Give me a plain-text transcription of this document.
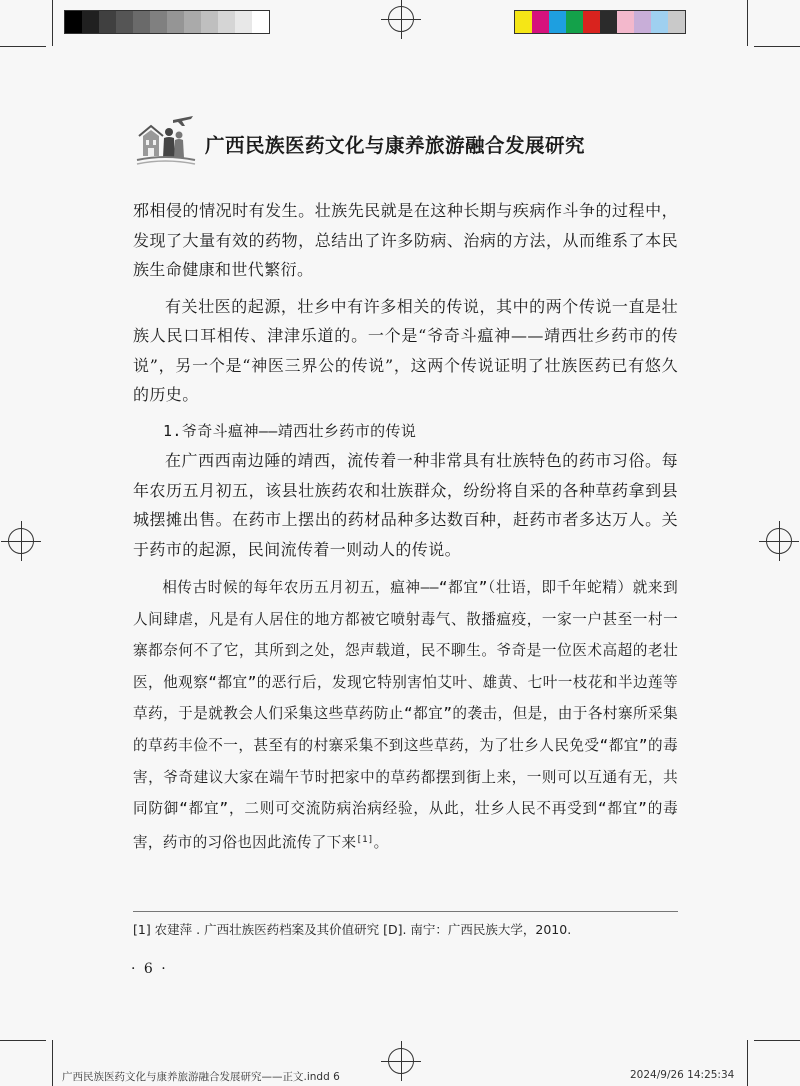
广西民族医药文化与康养旅游融合发展研究

邪相侵的情况时有发生。壮族先民就是在这种长期与疾病作斗争的过程中，发现了大量有效的药物，总结出了许多防病、治病的方法，从而维系了本民族生命健康和世代繁衍。

有关壮医的起源，壮乡中有许多相关的传说，其中的两个传说一直是壮族人民口耳相传、津津乐道的。一个是“爷奇斗瘟神——靖西壮乡药市的传说”，另一个是“神医三界公的传说”，这两个传说证明了壮族医药已有悠久的历史。

1.爷奇斗瘟神——靖西壮乡药市的传说

在广西西南边陲的靖西，流传着一种非常具有壮族特色的药市习俗。每年农历五月初五，该县壮族药农和壮族群众，纷纷将自采的各种草药拿到县城摆摊出售。在药市上摆出的药材品种多达数百种，赶药市者多达万人。关于药市的起源，民间流传着一则动人的传说。

相传古时候的每年农历五月初五，瘟神——“都宜”（壮语，即千年蛇精）就来到人间肆虐，凡是有人居住的地方都被它喷射毒气、散播瘟疫，一家一户甚至一村一寨都奈何不了它，其所到之处，怨声载道，民不聊生。爷奇是一位医术高超的老壮医，他观察“都宜”的恶行后，发现它特别害怕艾叶、雄黄、七叶一枝花和半边莲等草药，于是就教会人们采集这些草药防止“都宜”的袭击，但是，由于各村寨所采集的草药丰俭不一，甚至有的村寨采集不到这些草药，为了壮乡人民免受“都宜”的毒害，爷奇建议大家在端午节时把家中的草药都摆到街上来，一则可以互通有无，共同防御“都宜”，二则可交流防病治病经验，从此，壮乡人民不再受到“都宜”的毒害，药市的习俗也因此流传了下来[1]。

[1] 农建萍 . 广西壮族医药档案及其价值研究 [D]. 南宁：广西民族大学，2010.
· 6 ·
广西民族医药文化与康养旅游融合发展研究——正文.indd 6	2024/9/26 14:25:34
